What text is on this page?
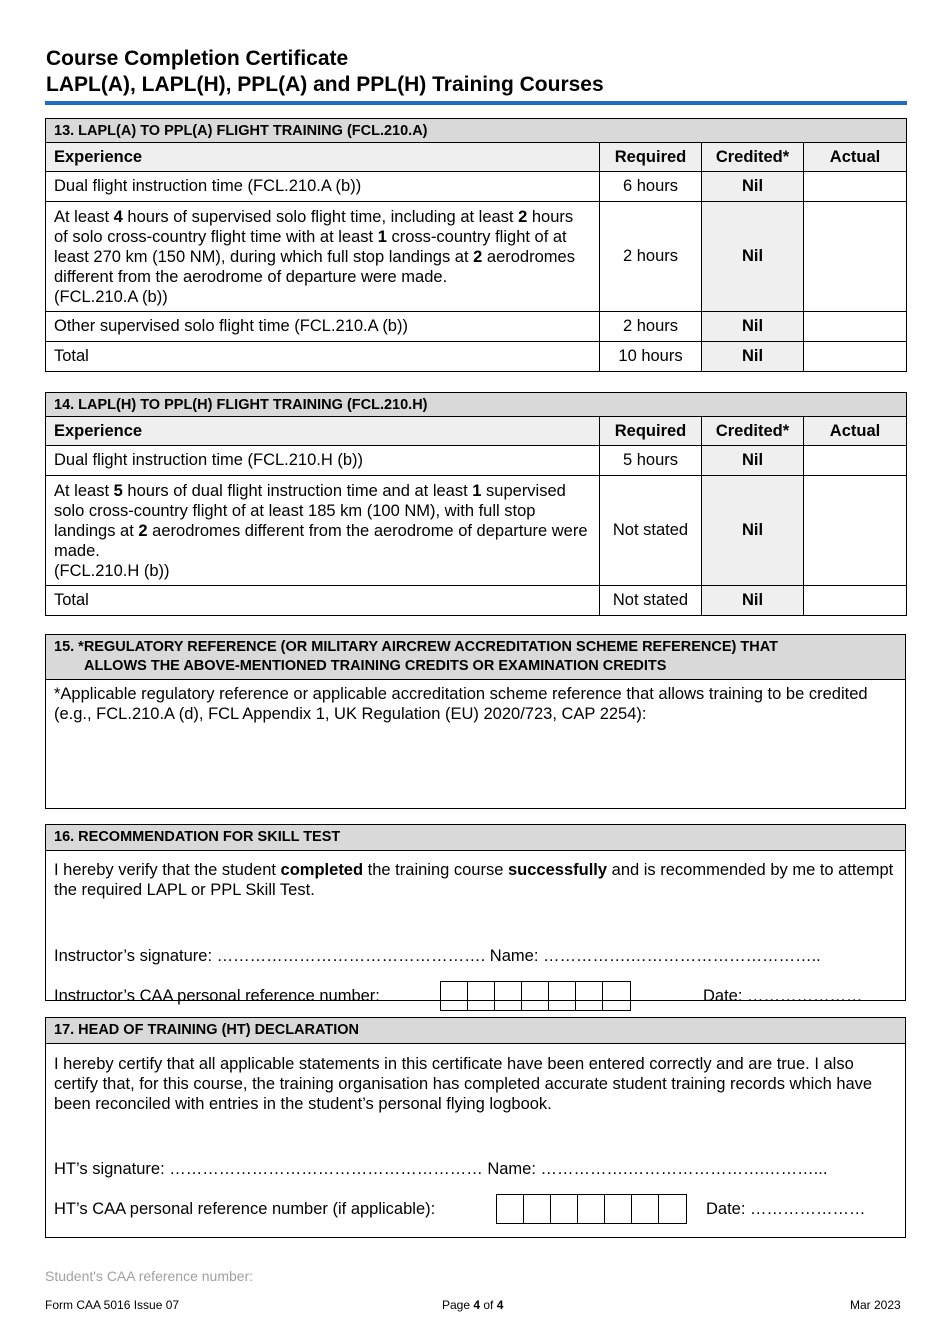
Course Completion Certificate
LAPL(A), LAPL(H), PPL(A) and PPL(H) Training Courses
13. LAPL(A) TO PPL(A) FLIGHT TRAINING (FCL.210.A)			
Experience	Required	Credited*	Actual
Dual flight instruction time (FCL.210.A (b))	6 hours	Nil	
At least 4 hours of supervised solo flight time, including at least 2 hours of solo cross-country flight time with at least 1 cross-country flight of at least 270 km (150 NM), during which full stop landings at 2 aerodromes different from the aerodrome of departure were made.
(FCL.210.A (b))	2 hours	Nil	
Other supervised solo flight time (FCL.210.A (b))	2 hours	Nil	
Total	10 hours	Nil	
14. LAPL(H) TO PPL(H) FLIGHT TRAINING (FCL.210.H)			
Experience	Required	Credited*	Actual
Dual flight instruction time (FCL.210.H (b))	5 hours	Nil	
At least 5 hours of dual flight instruction time and at least 1 supervised solo cross-country flight of at least 185 km (100 NM), with full stop landings at 2 aerodromes different from the aerodrome of departure were made.
(FCL.210.H (b))	Not stated	Nil	
Total	Not stated	Nil	
15. *REGULATORY REFERENCE (OR MILITARY AIRCREW ACCREDITATION SCHEME REFERENCE) THAT
ALLOWS THE ABOVE-MENTIONED TRAINING CREDITS OR EXAMINATION CREDITS
*Applicable regulatory reference or applicable accreditation scheme reference that allows training to be credited (e.g., FCL.210.A (d), FCL Appendix 1, UK Regulation (EU) 2020/723, CAP 2254):
16. RECOMMENDATION FOR SKILL TEST
I hereby verify that the student completed the training course successfully and is recommended by me to attempt the required LAPL or PPL Skill Test.
Instructor’s signature: …………………………………………. Name: …………….……………………………..
Instructor’s CAA personal reference number:	Date: …………………
17. HEAD OF TRAINING (HT) DECLARATION
I hereby certify that all applicable statements in this certificate have been entered correctly and are true. I also certify that, for this course, the training organisation has completed accurate student training records which have been reconciled with entries in the student’s personal flying logbook.
HT’s signature: ………………………………………………… Name: …………….…………………….………...
HT’s CAA personal reference number (if applicable):	Date: …………………
Student's CAA reference number:
Form CAA 5016 Issue 07	Page 4 of 4	Mar 2023
